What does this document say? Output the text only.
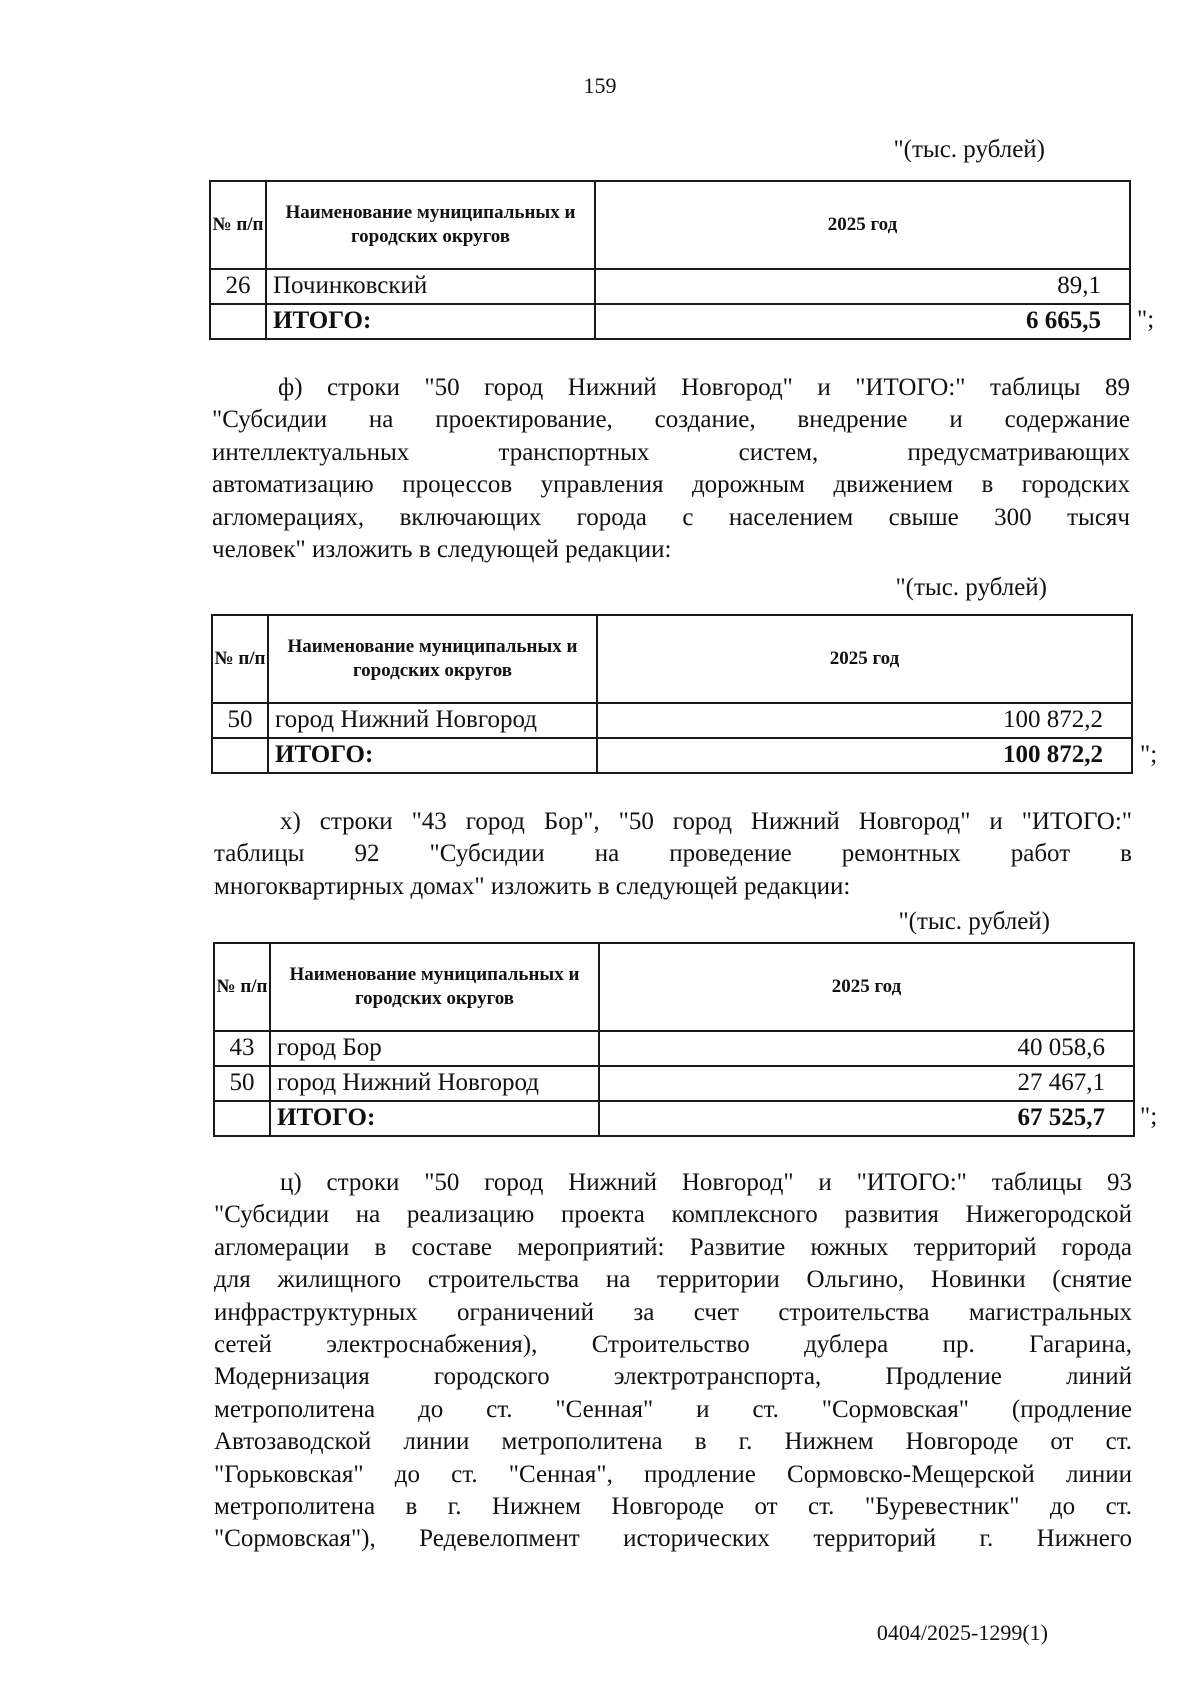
159
"(тыс. рублей)
№ п/п	Наименование муниципальных и городских округов	2025 год
26	Починковский	89,1
	ИТОГО:	6 665,5 ";
ф) строки "50 город Нижний Новгород" и "ИТОГО:" таблицы 89
"Субсидии на проектирование, создание, внедрение и содержание
интеллектуальных транспортных систем, предусматривающих
автоматизацию процессов управления дорожным движением в городских
агломерациях, включающих города с населением свыше 300 тысяч
человек" изложить в следующей редакции:
"(тыс. рублей)
№ п/п	Наименование муниципальных и городских округов	2025 год
50	город Нижний Новгород	100 872,2
	ИТОГО:	100 872,2 ";
х) строки "43 город Бор", "50 город Нижний Новгород" и "ИТОГО:"
таблицы 92 "Субсидии на проведение ремонтных работ в
многоквартирных домах" изложить в следующей редакции:
"(тыс. рублей)
№ п/п	Наименование муниципальных и городских округов	2025 год
43	город Бор	40 058,6
50	город Нижний Новгород	27 467,1
	ИТОГО:	67 525,7 ";
ц) строки "50 город Нижний Новгород" и "ИТОГО:" таблицы 93
"Субсидии на реализацию проекта комплексного развития Нижегородской
агломерации в составе мероприятий: Развитие южных территорий города
для жилищного строительства на территории Ольгино, Новинки (снятие
инфраструктурных ограничений за счет строительства магистральных
сетей электроснабжения), Строительство дублера пр. Гагарина,
Модернизация городского электротранспорта, Продление линий
метрополитена до ст. "Сенная" и ст. "Сормовская" (продление
Автозаводской линии метрополитена в г. Нижнем Новгороде от ст.
"Горьковская" до ст. "Сенная", продление Сормовско-Мещерской линии
метрополитена в г. Нижнем Новгороде от ст. "Буревестник" до ст.
"Сормовская"), Редевелопмент исторических территорий г. Нижнего
0404/2025-1299(1)
